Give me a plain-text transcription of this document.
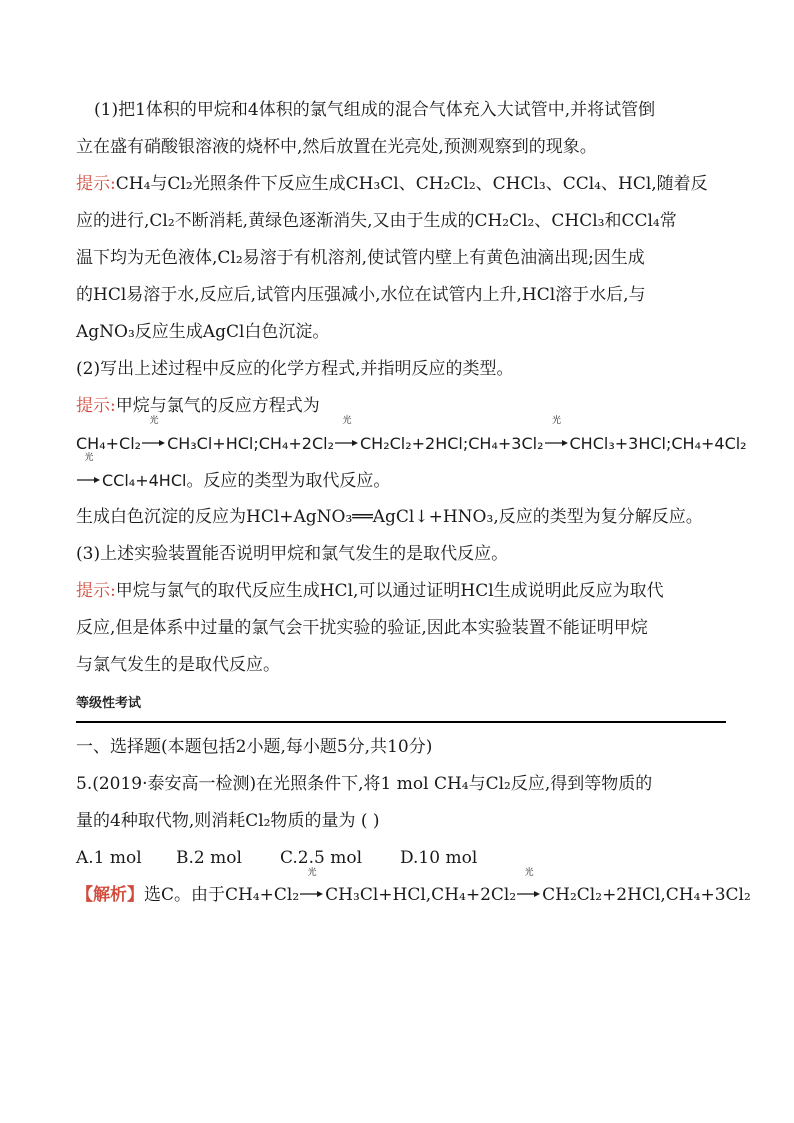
(1)把1体积的甲烷和4体积的氯气组成的混合气体充入大试管中,并将试管倒
立在盛有硝酸银溶液的烧杯中,然后放置在光亮处,预测观察到的现象。
提示:CH₄与Cl₂光照条件下反应生成CH₃Cl、CH₂Cl₂、CHCl₃、CCl₄、HCl,随着反
应的进行,Cl₂不断消耗,黄绿色逐渐消失,又由于生成的CH₂Cl₂、CHCl₃和CCl₄常
温下均为无色液体,Cl₂易溶于有机溶剂,使试管内壁上有黄色油滴出现;因生成
的HCl易溶于水,反应后,试管内压强减小,水位在试管内上升,HCl溶于水后,与
AgNO₃反应生成AgCl白色沉淀。
(2)写出上述过程中反应的化学方程式,并指明反应的类型。
提示:甲烷与氯气的反应方程式为
CH₄+Cl₂
光
CH₃Cl+HCl;CH₄+2Cl₂
光
CH₂Cl₂+2HCl;CH₄+3Cl₂
光
CHCl₃+3HCl;CH₄+4Cl₂
光
CCl₄+4HCl。反应的类型为取代反应。
生成白色沉淀的反应为HCl+AgNO₃══AgCl↓+HNO₃,反应的类型为复分解反应。
(3)上述实验装置能否说明甲烷和氯气发生的是取代反应。
提示:甲烷与氯气的取代反应生成HCl,可以通过证明HCl生成说明此反应为取代
反应,但是体系中过量的氯气会干扰实验的验证,因此本实验装置不能证明甲烷
与氯气发生的是取代反应。
等级性考试
一、选择题(本题包括2小题,每小题5分,共10分)
5.(2019·泰安高一检测)在光照条件下,将1 mol CH₄与Cl₂反应,得到等物质的
量的4种取代物,则消耗Cl₂物质的量为 ( )
A.1 mol B.2 mol C.2.5 mol D.10 mol
【解析】选C。由于CH₄+Cl₂
光
CH₃Cl+HCl,CH₄+2Cl₂
光
CH₂Cl₂+2HCl,CH₄+3Cl₂
